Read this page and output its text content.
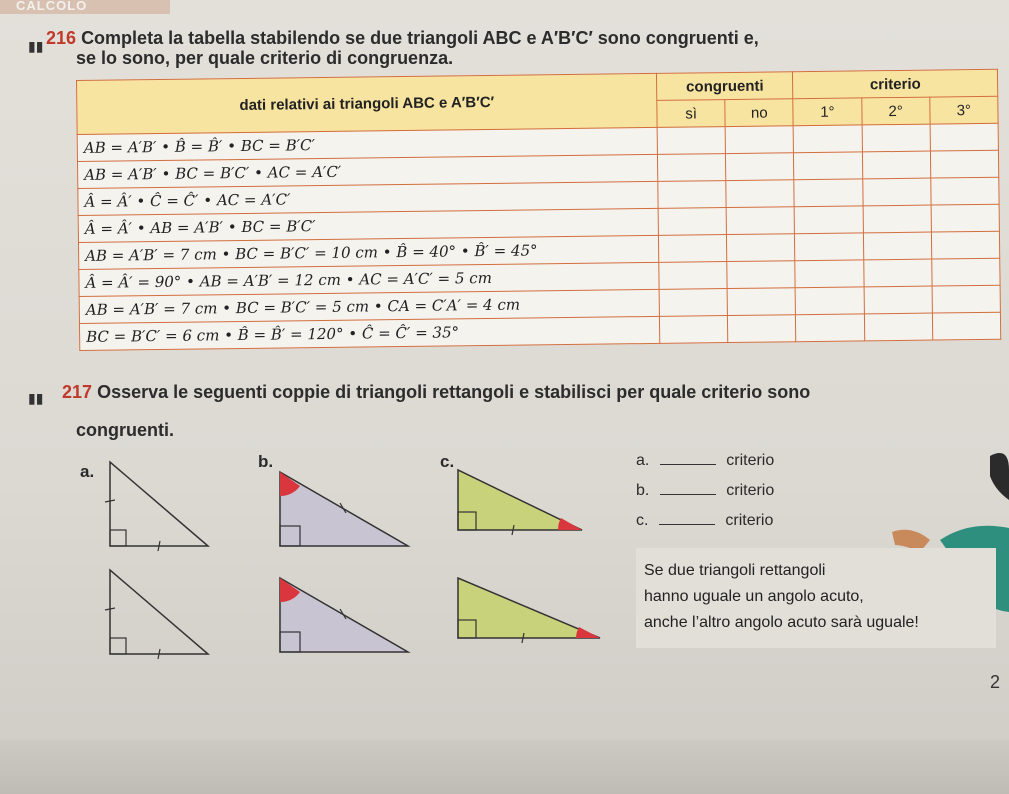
CALCOLO
▮▮ 216 Completa la tabella stabilendo se due triangoli ABC e A′B′C′ sono congruenti e,
se lo sono, per quale criterio di congruenza.
dati relativi ai triangoli ABC e A′B′C′	congruenti		criterio		
	sì	no	1°	2°	3°
AB = A′B′ • B̂ = B̂′ • BC = B′C′					
AB = A′B′ • BC = B′C′ • AC = A′C′					
Â = Â′ • Ĉ = Ĉ′ • AC = A′C′					
Â = Â′ • AB = A′B′ • BC = B′C′					
AB = A′B′ = 7 cm • BC = B′C′ = 10 cm • B̂ = 40° • B̂′ = 45°					
Â = Â′ = 90° • AB = A′B′ = 12 cm • AC = A′C′ = 5 cm					
AB = A′B′ = 7 cm • BC = B′C′ = 5 cm • CA = C′A′ = 4 cm					
BC = B′C′ = 6 cm • B̂ = B̂′ = 120° • Ĉ = Ĉ′ = 35°					
▮▮ 217 Osserva le seguenti coppie di triangoli rettangoli e stabilisci per quale criterio sono
congruenti.
a.
b.	c.	a.	criterio
b.	criterio
c.	criterio

Se due triangoli rettangoli

hanno uguale un angolo acuto,

anche l’altro angolo acuto sarà uguale!

2
